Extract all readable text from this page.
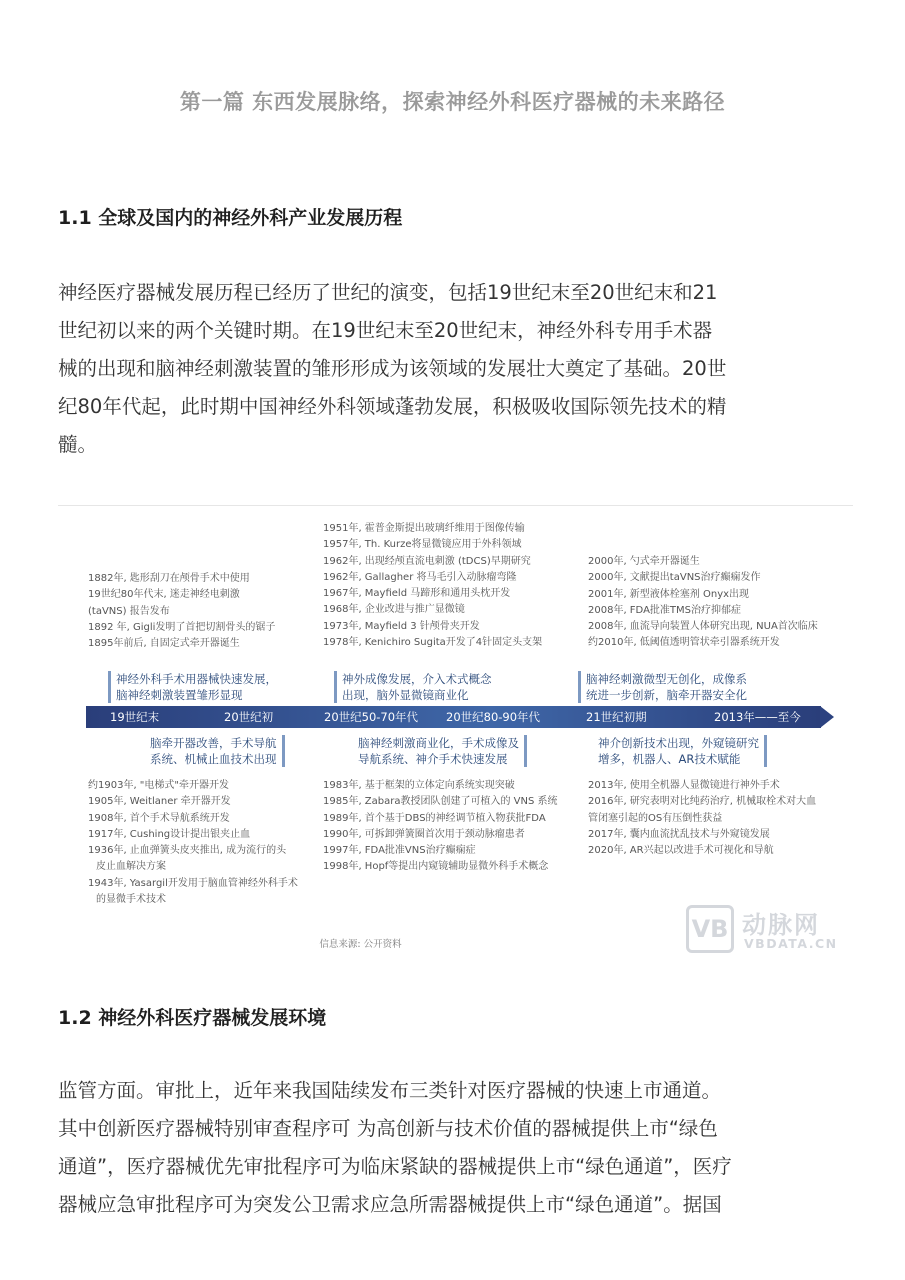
第一篇 东西发展脉络，探索神经外科医疗器械的未来路径
1.1 全球及国内的神经外科产业发展历程

神经医疗器械发展历程已经历了世纪的演变，包括19世纪末至20世纪末和21
世纪初以来的两个关键时期。在19世纪末至20世纪末，神经外科专用手术器
械的出现和脑神经刺激装置的雏形形成为该领域的发展壮大奠定了基础。20世
纪80年代起，此时期中国神经外科领域蓬勃发展，积极吸收国际领先技术的精
髓。

1882年, 匙形刮刀在颅骨手术中使用
19世纪80年代末, 迷走神经电刺激
(taVNS) 报告发布
1892 年, Gigli发明了首把切割骨头的锯子
1895年前后, 自固定式牵开器诞生
1951年, 霍普金斯提出玻璃纤维用于图像传输
1957年, Th. Kurze将显微镜应用于外科领域
1962年, 出现经颅直流电刺激 (tDCS)早期研究
1962年, Gallagher 将马毛引入动脉瘤弯隆
1967年, Mayfield 马蹄形和通用头枕开发
1968年, 企业改进与推广显微镜
1973年, Mayfield 3 针颅骨夹开发
1978年, Kenichiro Sugita开发了4针固定头支架
2000年, 勺式牵开器诞生
2000年, 文献提出taVNS治疗癫痫发作
2001年, 新型液体栓塞剂 Onyx出现
2008年, FDA批准TMS治疗抑郁症
2008年, 血流导向装置人体研究出现, NUA首次临床
约2010年, 低阈值透明管状牵引器系统开发
神经外科手术用器械快速发展，
脑神经刺激装置雏形显现
神外成像发展，介入术式概念
出现，脑外显微镜商业化
脑神经刺激微型无创化，成像系
统进一步创新，脑牵开器安全化
19世纪末	20世纪初	20世纪50-70年代 20世纪80-90年代	21世纪初期	2013年——至今
脑牵开器改善，手术导航
系统、机械止血技术出现
脑神经刺激商业化，手术成像及
导航系统、神介手术快速发展
神介创新技术出现，外窥镜研究
增多，机器人、AR技术赋能
约1903年, "电梯式"牵开器开发
1905年, Weitlaner 牵开器开发
1908年, 首个手术导航系统开发
1917年, Cushing设计提出银夹止血
1936年, 止血弹簧头皮夹推出, 成为流行的头
皮止血解决方案
1943年, Yasargil开发用于脑血管神经外科手术
的显微手术技术
1983年, 基于框架的立体定向系统实现突破
1985年, Zabara教授团队创建了可植入的 VNS 系统
1989年, 首个基于DBS的神经调节植入物获批FDA
1990年, 可拆卸弹簧圈首次用于颈动脉瘤患者
1997年, FDA批准VNS治疗癫痫症
1998年, Hopf等提出内窥镜辅助显微外科手术概念
2013年, 使用全机器人显微镜进行神外手术
2016年, 研究表明对比纯药治疗, 机械取栓术对大血
管闭塞引起的OS有压倒性获益
2017年, 囊内血流扰乱技术与外窥镜发展
2020年, AR兴起以改进手术可视化和导航
信息来源: 公开资料
VB 动脉网
VBDATA.CN
1.2 神经外科医疗器械发展环境

监管方面。审批上，近年来我国陆续发布三类针对医疗器械的快速上市通道。
其中创新医疗器械特别审查程序可 为高创新与技术价值的器械提供上市“绿色
通道”，医疗器械优先审批程序可为临床紧缺的器械提供上市“绿色通道”，医疗
器械应急审批程序可为突发公卫需求应急所需器械提供上市“绿色通道”。据国
